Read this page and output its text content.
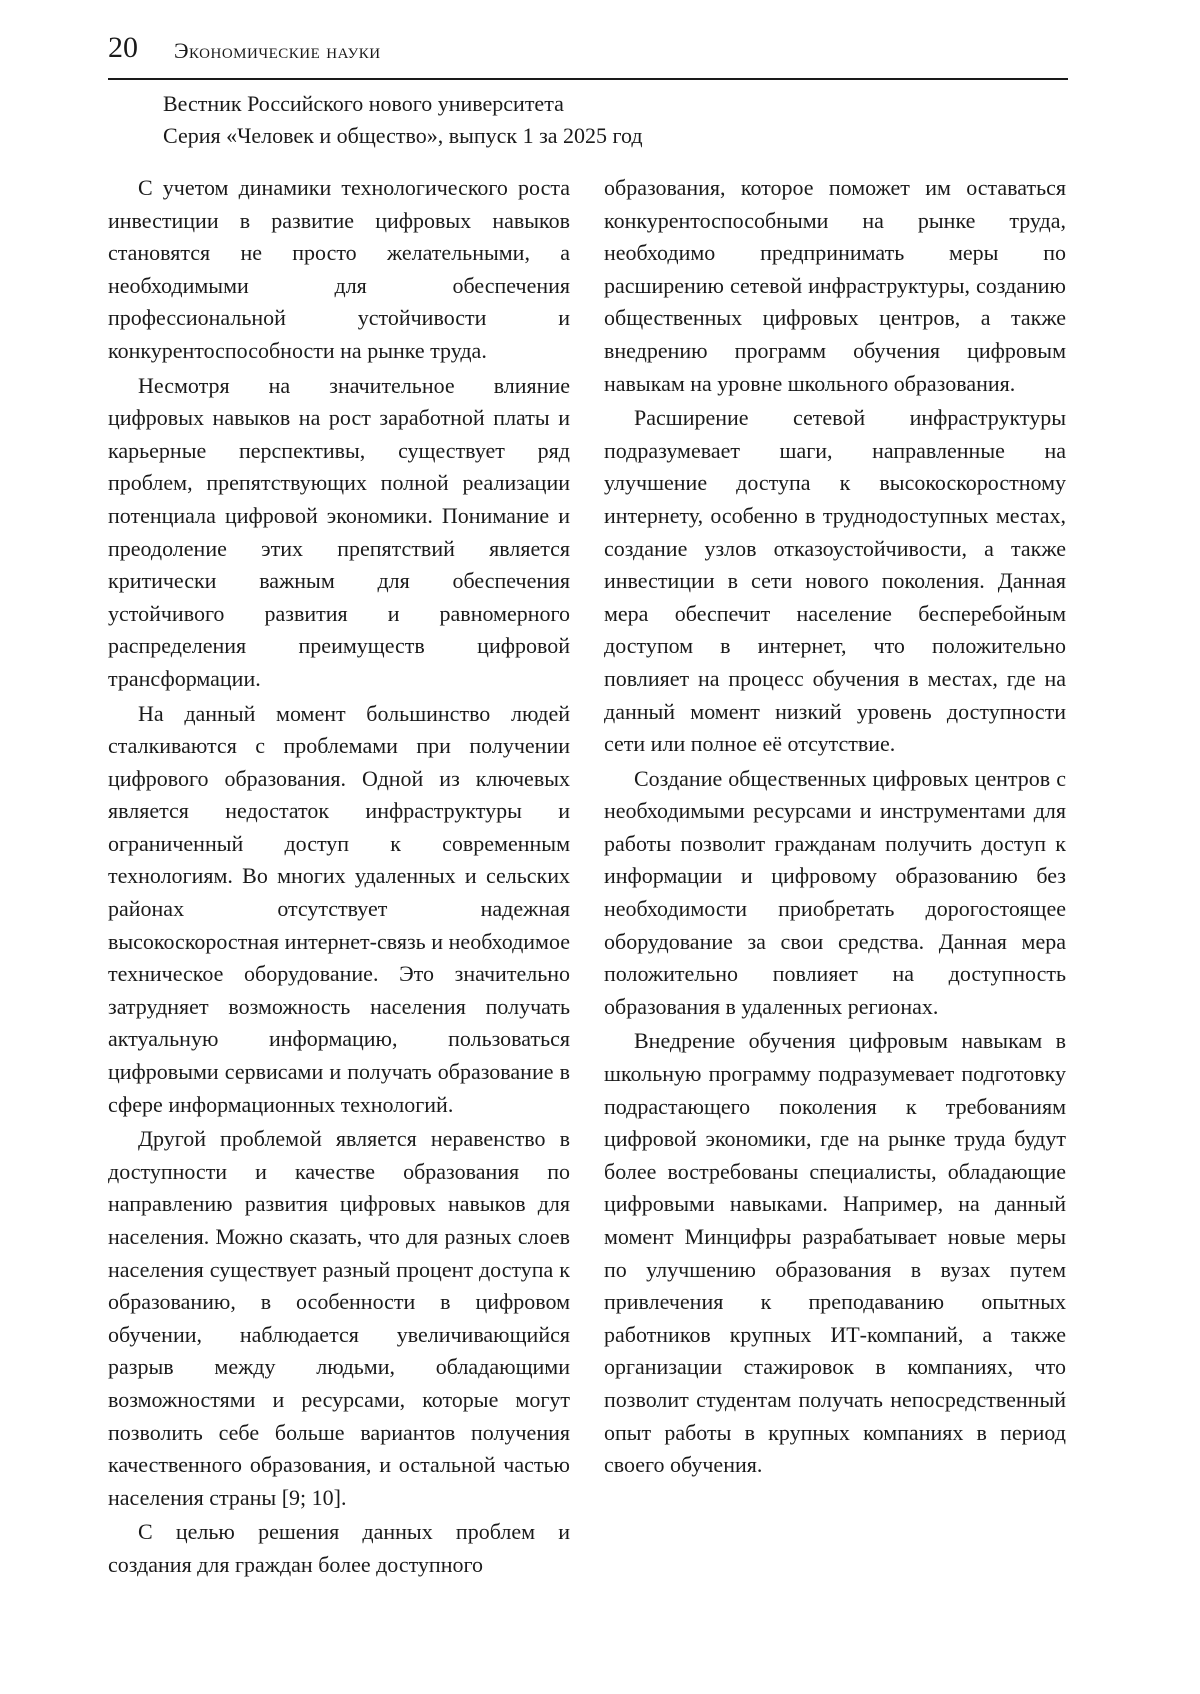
20 Экономические науки
Вестник Российского нового университета
Серия «Человек и общество», выпуск 1 за 2025 год

С учетом динамики технологического роста инвестиции в развитие цифровых навыков становятся не просто желательными, а необходимыми для обеспечения профессиональной устойчивости и конкурентоспособности на рынке труда.

Несмотря на значительное влияние цифровых навыков на рост заработной платы и карьерные перспективы, существует ряд проблем, препятствующих полной реализации потенциала цифровой экономики. Понимание и преодоление этих препятствий является критически важным для обеспечения устойчивого развития и равномерного распределения преимуществ цифровой трансформации.

На данный момент большинство людей сталкиваются с проблемами при получении цифрового образования. Одной из ключевых является недостаток инфраструктуры и ограниченный доступ к современным технологиям. Во многих удаленных и сельских районах отсутствует надежная высокоскоростная интернет-связь и необходимое техническое оборудование. Это значительно затрудняет возможность населения получать актуальную информацию, пользоваться цифровыми сервисами и получать образование в сфере информационных технологий.

Другой проблемой является неравенство в доступности и качестве образования по направлению развития цифровых навыков для населения. Можно сказать, что для разных слоев населения существует разный процент доступа к образованию, в особенности в цифровом обучении, наблюдается увеличивающийся разрыв между людьми, обладающими возможностями и ресурсами, которые могут позволить себе больше вариантов получения качественного образования, и остальной частью населения страны [9; 10].

С целью решения данных проблем и создания для граждан более доступного

образования, которое поможет им оставаться конкурентоспособными на рынке труда, необходимо предпринимать меры по расширению сетевой инфраструктуры, созданию общественных цифровых центров, а также внедрению программ обучения цифровым навыкам на уровне школьного образования.

Расширение сетевой инфраструктуры подразумевает шаги, направленные на улучшение доступа к высокоскоростному интернету, особенно в труднодоступных местах, создание узлов отказоустойчивости, а также инвестиции в сети нового поколения. Данная мера обеспечит население бесперебойным доступом в интернет, что положительно повлияет на процесс обучения в местах, где на данный момент низкий уровень доступности сети или полное её отсутствие.

Создание общественных цифровых центров с необходимыми ресурсами и инструментами для работы позволит гражданам получить доступ к информации и цифровому образованию без необходимости приобретать дорогостоящее оборудование за свои средства. Данная мера положительно повлияет на доступность образования в удаленных регионах.

Внедрение обучения цифровым навыкам в школьную программу подразумевает подготовку подрастающего поколения к требованиям цифровой экономики, где на рынке труда будут более востребованы специалисты, обладающие цифровыми навыками. Например, на данный момент Минцифры разрабатывает новые меры по улучшению образования в вузах путем привлечения к преподаванию опытных работников крупных ИТ-компаний, а также организации стажировок в компаниях, что позволит студентам получать непосредственный опыт работы в крупных компаниях в период своего обучения.
